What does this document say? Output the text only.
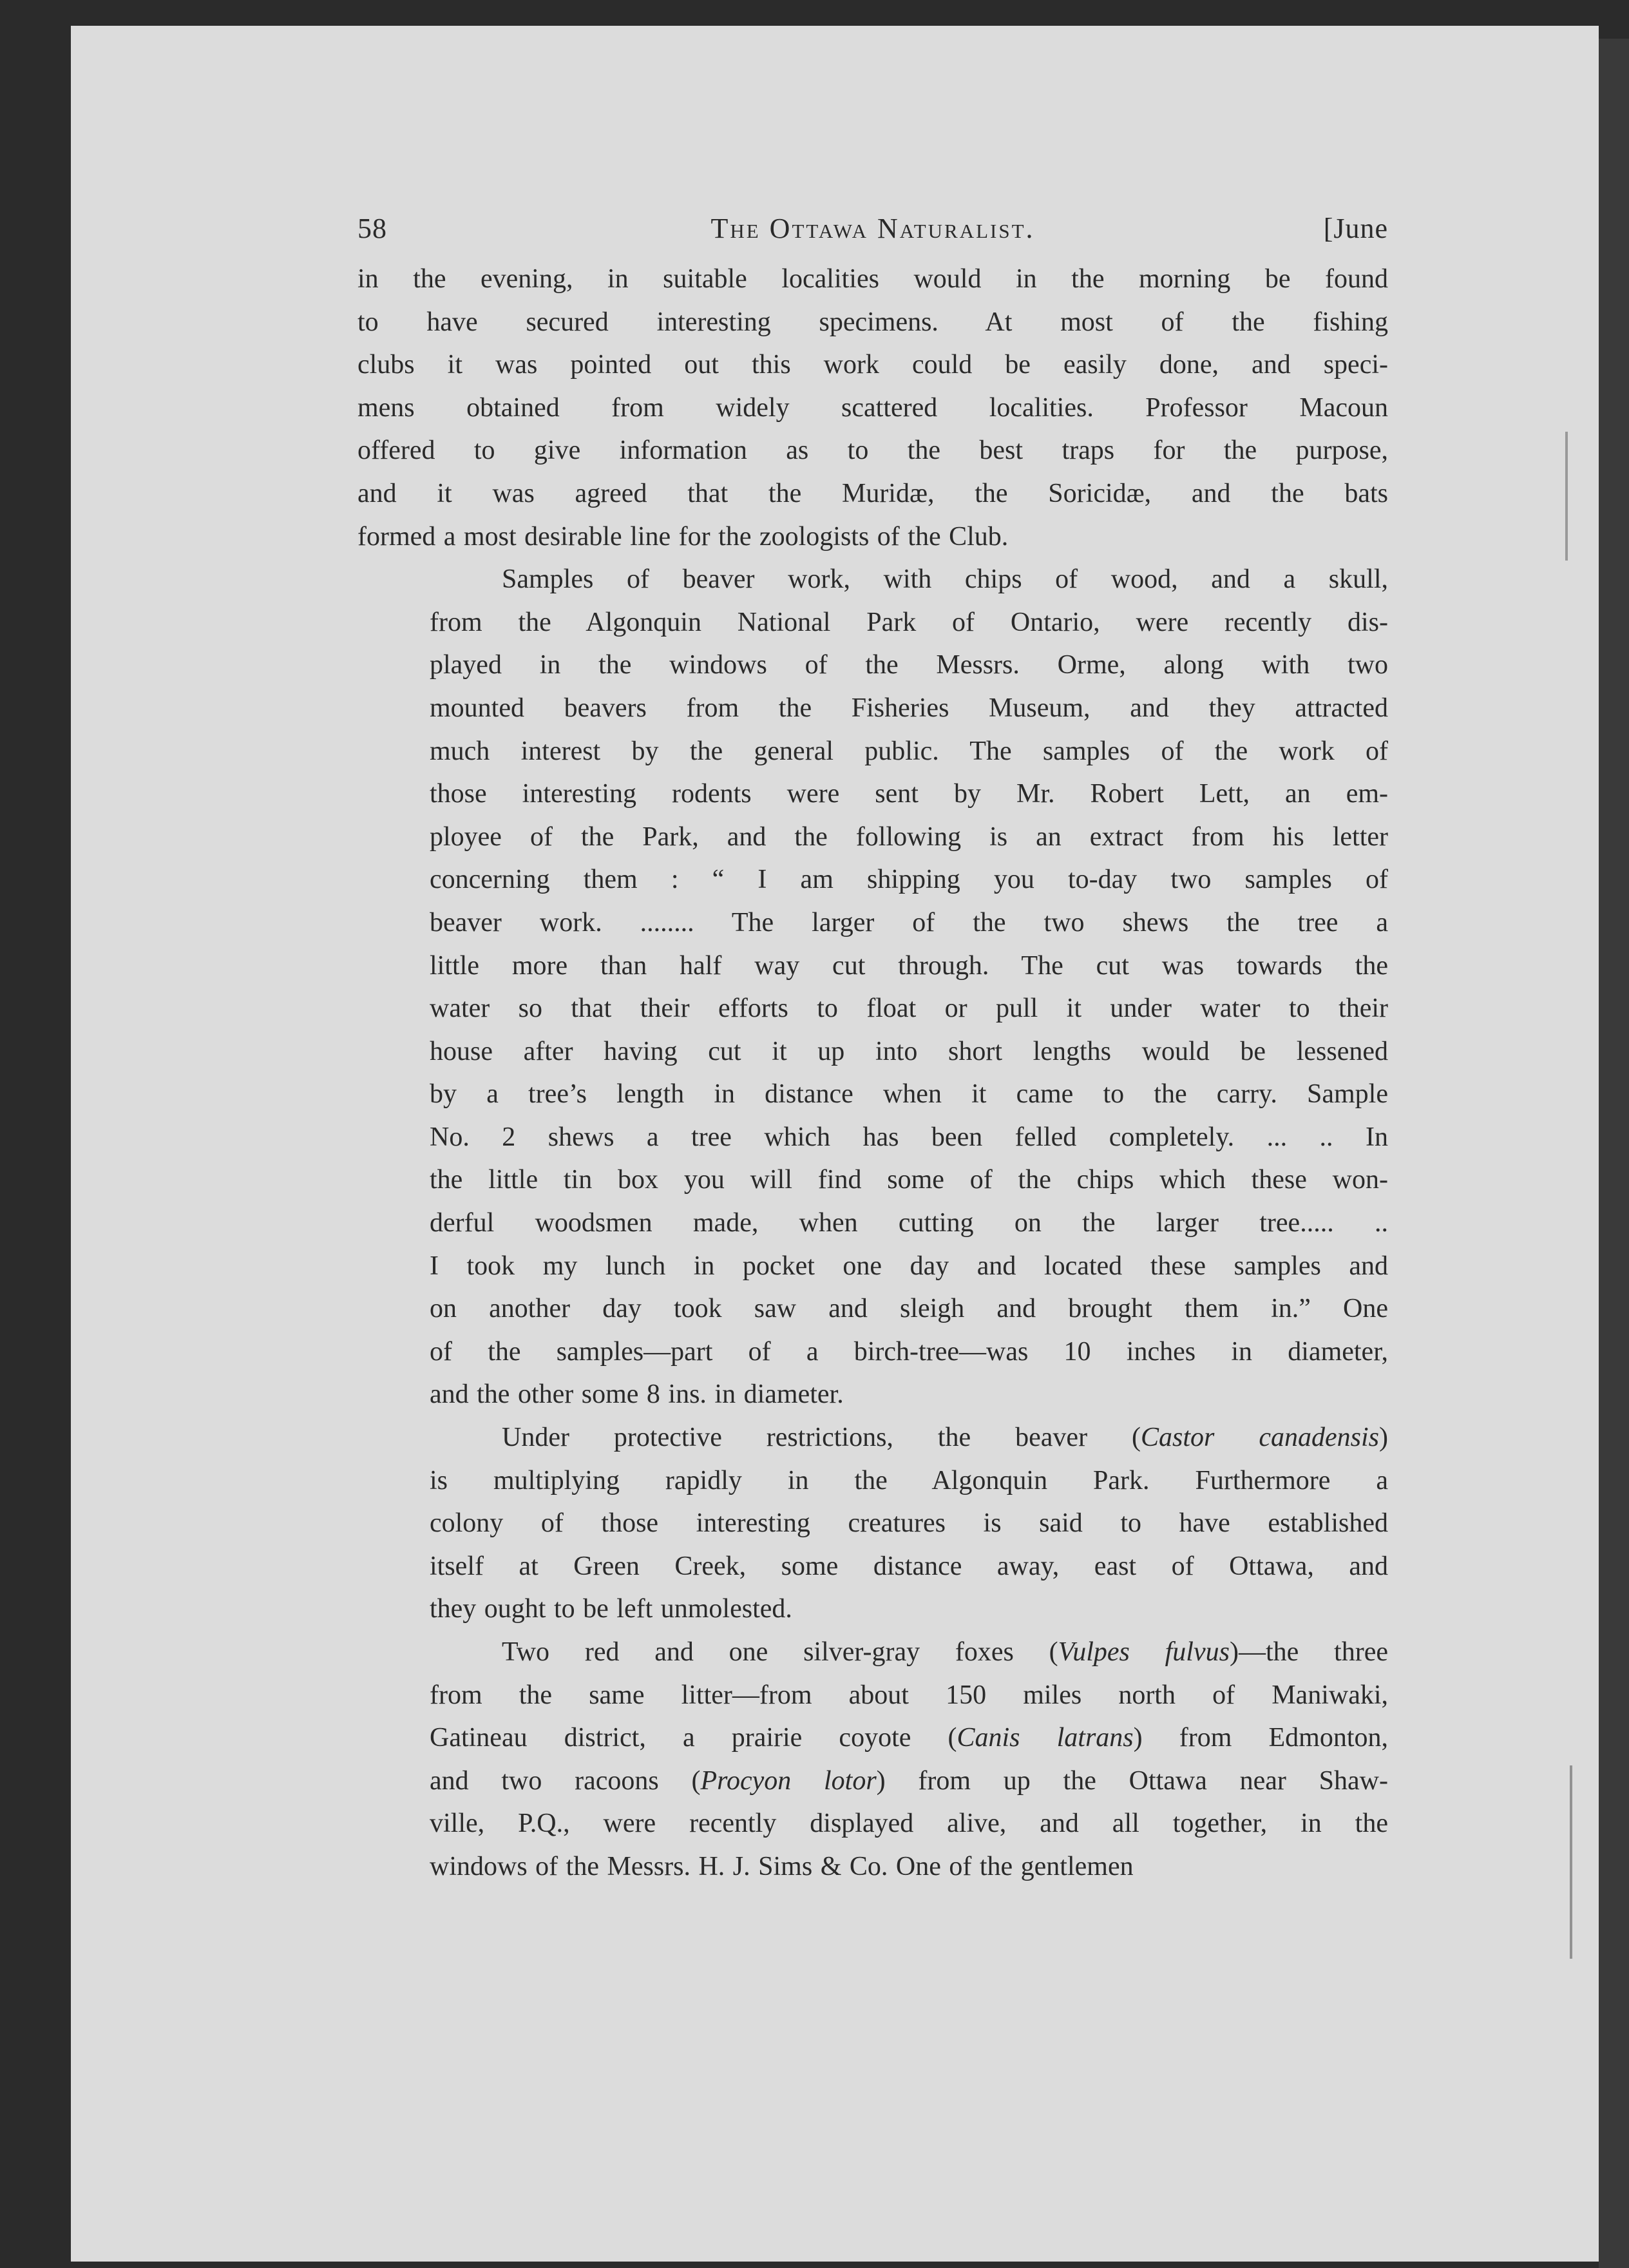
58	The Ottawa Naturalist.	[June

in the evening, in suitable localities would in the morning be found
to have secured interesting specimens. At most of the fishing
clubs it was pointed out this work could be easily done, and speci-
mens obtained from widely scattered localities. Professor Macoun
offered to give information as to the best traps for the purpose,
and it was agreed that the Muridæ, the Soricidæ, and the bats
formed a most desirable line for the zoologists of the Club.

Samples of beaver work, with chips of wood, and a skull,
from the Algonquin National Park of Ontario, were recently dis-
played in the windows of the Messrs. Orme, along with two
mounted beavers from the Fisheries Museum, and they attracted
much interest by the general public. The samples of the work of
those interesting rodents were sent by Mr. Robert Lett, an em-
ployee of the Park, and the following is an extract from his letter
concerning them : “ I am shipping you to-day two samples of
beaver work. ........ The larger of the two shews the tree a
little more than half way cut through. The cut was towards the
water so that their efforts to float or pull it under water to their
house after having cut it up into short lengths would be lessened
by a tree’s length in distance when it came to the carry. Sample
No. 2 shews a tree which has been felled completely. ... .. In
the little tin box you will find some of the chips which these won-
derful woodsmen made, when cutting on the larger tree..... ..
I took my lunch in pocket one day and located these samples and
on another day took saw and sleigh and brought them in.” One
of the samples—part of a birch-tree—was 10 inches in diameter,
and the other some 8 ins. in diameter.

Under protective restrictions, the beaver (Castor canadensis)
is multiplying rapidly in the Algonquin Park. Furthermore a
colony of those interesting creatures is said to have established
itself at Green Creek, some distance away, east of Ottawa, and
they ought to be left unmolested.

Two red and one silver-gray foxes (Vulpes fulvus)—the three
from the same litter—from about 150 miles north of Maniwaki,
Gatineau district, a prairie coyote (Canis latrans) from Edmonton,
and two racoons (Procyon lotor) from up the Ottawa near Shaw-
ville, P.Q., were recently displayed alive, and all together, in the
windows of the Messrs. H. J. Sims & Co. One of the gentlemen
